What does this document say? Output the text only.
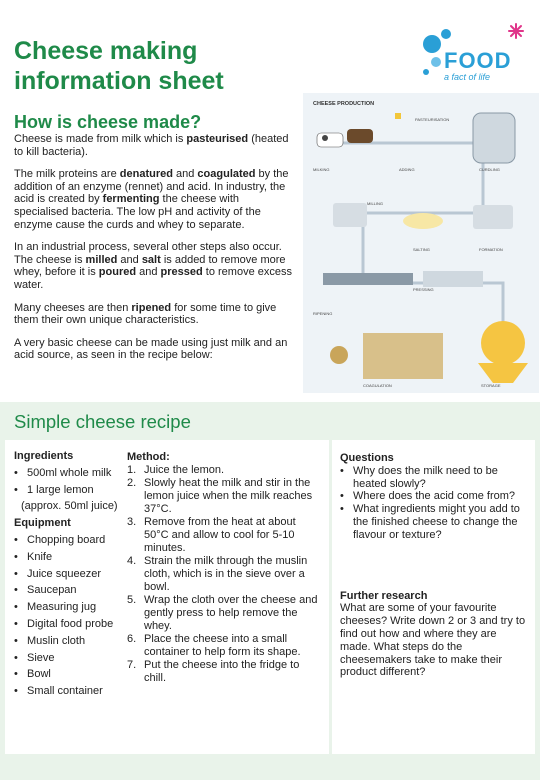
Cheese making
information sheet
FOOD
a fact of life
How is cheese made?

Cheese is made from milk which is pasteurised (heated to kill bacteria).

The milk proteins are denatured and coagulated by the addition of an enzyme (rennet) and acid. In industry, the acid is created by fermenting the cheese with specialised bacteria. The low pH and activity of the enzyme cause the curds and whey to separate.

In an industrial process, several other steps also occur. The cheese is milled and salt is added to remove more whey, before it is poured and pressed to remove excess water.

Many cheeses are then ripened for some time to give them their own unique characteristics.

A very basic cheese can be made using just milk and an acid source, as seen in the recipe below:

CHEESE PRODUCTION
PASTEURISATION
MILKING	ADDING	CURDLING
MILLING
SALTING	FORMATION
PRESSING
RIPENING
COAGULATION	STORAGE
Simple cheese recipe
Ingredients
• 500ml whole milk
• 1 large lemon
(approx. 50ml juice)
Equipment
• Chopping board
• Knife
• Juice squeezer
• Saucepan
• Measuring jug
• Digital food probe
• Muslin cloth
• Sieve
• Bowl
• Small container
Method:
1. Juice the lemon.
2. Slowly heat the milk and stir in the lemon juice when the milk reaches 37°C.
3. Remove from the heat at about 50°C and allow to cool for 5-10 minutes.
4. Strain the milk through the muslin cloth, which is in the sieve over a bowl.
5. Wrap the cloth over the cheese and gently press to help remove the whey.
6. Place the cheese into a small container to help form its shape.
7. Put the cheese into the fridge to chill.
Questions
• Why does the milk need to be heated slowly?
• Where does the acid come from?
• What ingredients might you add to the finished cheese to change the flavour or texture?
Further research
What are some of your favourite cheeses? Write down 2 or 3 and try to find out how and where they are made. What steps do the cheesemakers take to make their product different?
